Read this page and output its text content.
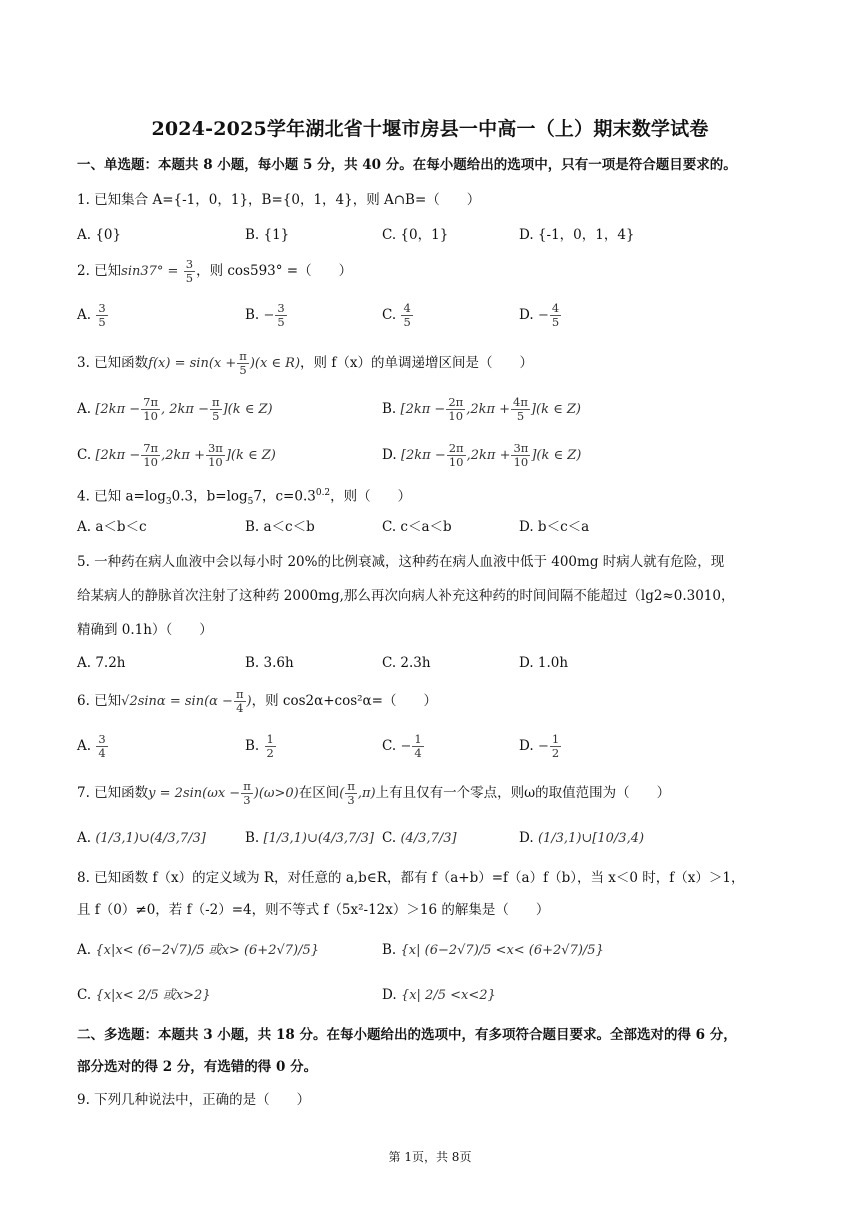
2024-2025学年湖北省十堰市房县一中高一（上）期末数学试卷
一、单选题：本题共 8 小题，每小题 5 分，共 40 分。在每小题给出的选项中，只有一项是符合题目要求的。
1. 已知集合 A={-1，0，1}，B={0，1，4}，则 A∩B=（　　）
A. {0}	B. {1}	C. {0，1}	D. {-1，0，1，4}
2. 已知$\sin 37^\circ = \frac{3}{5}$ ，则 cos593° =（　　）
A. $\frac{3}{5}$	B. − $\frac{3}{5}$	C. $\frac{4}{5}$	D. − $\frac{4}{5}$
3. 已知函数$f(x) = \sin(x + \frac{\pi}{5} )(x$ ∈ R)，则 f（x）的单调递增区间是（　　）
A. [$2k\pi - \frac{7\pi}{10}$ , $2k\pi - \frac{\pi}{5} ](k$ ∈ Z)	B. $[2k\pi - \frac{2\pi}{10} ,2k\pi + \frac{4\pi}{5} ](k$ ∈ Z)
C. $[2k\pi - \frac{7\pi}{10} ,2k\pi + \frac{3\pi}{10} ](k$ ∈ Z)	D. $[2k\pi - \frac{2\pi}{10} ,2k\pi + \frac{3\pi}{10} ](k$ ∈ Z)
4. 已知 $a=\log_30.3$，$b=\log_57$，$c=0.3^{0.2}$，则（　　）
A. a＜b＜c	B. a＜c＜b	C. c＜a＜b	D. b＜c＜a
5. 一种药在病人血液中会以每小时 20%的比例衰减，这种药在病人血液中低于 400mg 时病人就有危险，现
给某病人的静脉首次注射了这种药 2000mg,那么再次向病人补充这种药的时间间隔不能超过（lg2≈0.3010，
精确到 0.1h）（　　）
A. 7.2h	B. 3.6h	C. 2.3h	D. 1.0h
6. 已知$√2\sin\alpha = \sin(\alpha - \frac{\pi}{4}$ )，则 cos2α+cos²α=（　　）
A. $\frac{3}{4}$	B. $\frac{1}{2}$	C. − $\frac{1}{4}$	D. − $\frac{1}{2}$
7. 已知函数$y = 2\sin(\omega x - \frac{\pi}{3} )(\omega>0)$在区间( $\frac{\pi}{3} ,\pi$)上有且仅有一个零点，则ω的取值范围为（　　）
A. (1/3,1)∪(4/3,7/3]	B. [1/3,1)∪(4/3,7/3] C. (4/3,7/3]	D. (1/3,1)∪[10/3,4)
8. 已知函数 f（x）的定义域为 R，对任意的 a,b∈R，都有 f（a+b）=f（a）f（b），当 x＜0 时，f（x）＞1，
且 f（0）≠0，若 f（-2）=4，则不等式 f（5x²-12x）＞16 的解集是（　　）
A. {x|x< (6−2√7)/5 或x> (6+2√7)/5}	B. {x| (6−2√7)/5 <x< (6+2√7)/5}
C. {x|x< 2/5 或x>2}	D. {x| 2/5 <x<2}
二、多选题：本题共 3 小题，共 18 分。在每小题给出的选项中，有多项符合题目要求。全部选对的得 6 分，
部分选对的得 2 分，有选错的得 0 分。
9. 下列几种说法中，正确的是（　　）
第 1页，共 8页
